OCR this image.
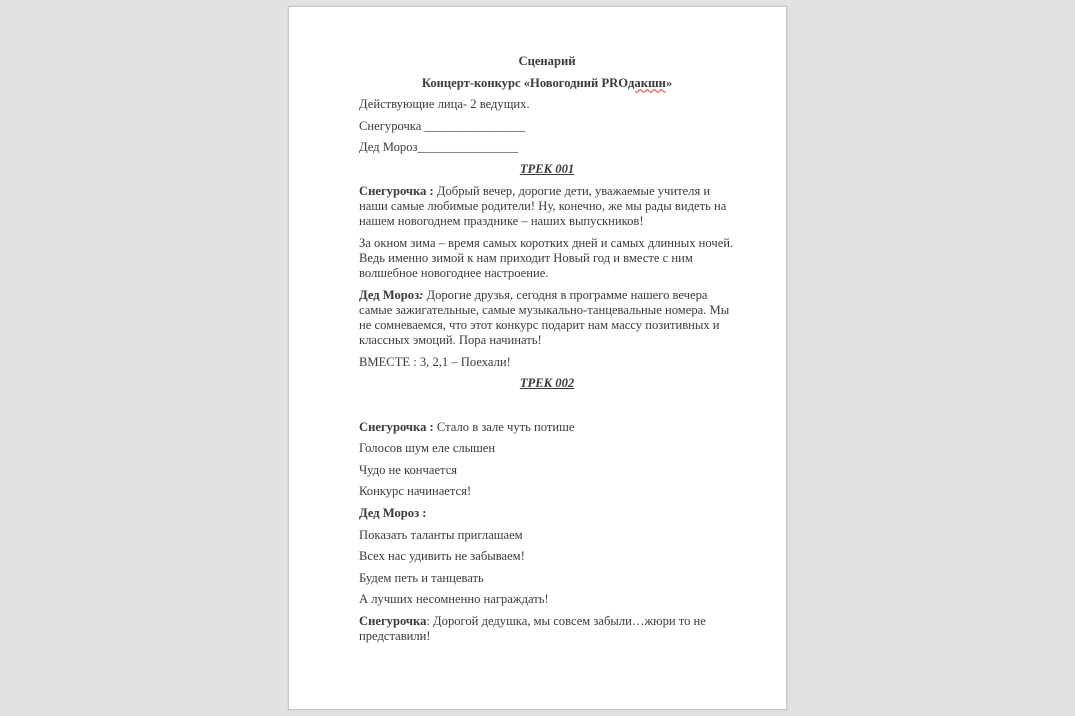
Сценарий
Концерт-конкурс «Новогодний PROдакшн»
Действующие лица- 2 ведущих.
Снегурочка ________________
Дед Мороз________________
ТРЕК 001
Снегурочка : Добрый вечер, дорогие дети, уважаемые учителя и наши самые любимые родители! Ну, конечно, же мы рады видеть на нашем новогоднем празднике – наших выпускников!
За окном зима – время самых коротких дней и самых длинных ночей. Ведь именно зимой к нам приходит Новый год и вместе с ним волшебное новогоднее настроение.
Дед Мороз: Дорогие друзья, сегодня в программе нашего вечера самые зажигательные, самые музыкально-танцевальные номера. Мы не сомневаемся, что этот конкурс подарит нам массу позитивных и классных эмоций. Пора начинать!
ВМЕСТЕ : 3, 2,1 – Поехали!
ТРЕК 002
Снегурочка : Стало в зале чуть потише
Голосов шум еле слышен
Чудо не кончается
Конкурс начинается!
Дед Мороз :
Показать таланты приглашаем
Всех нас удивить не забываем!
Будем петь и танцевать
А лучших несомненно награждать!
Снегурочка: Дорогой дедушка, мы совсем забыли…жюри то не представили!
